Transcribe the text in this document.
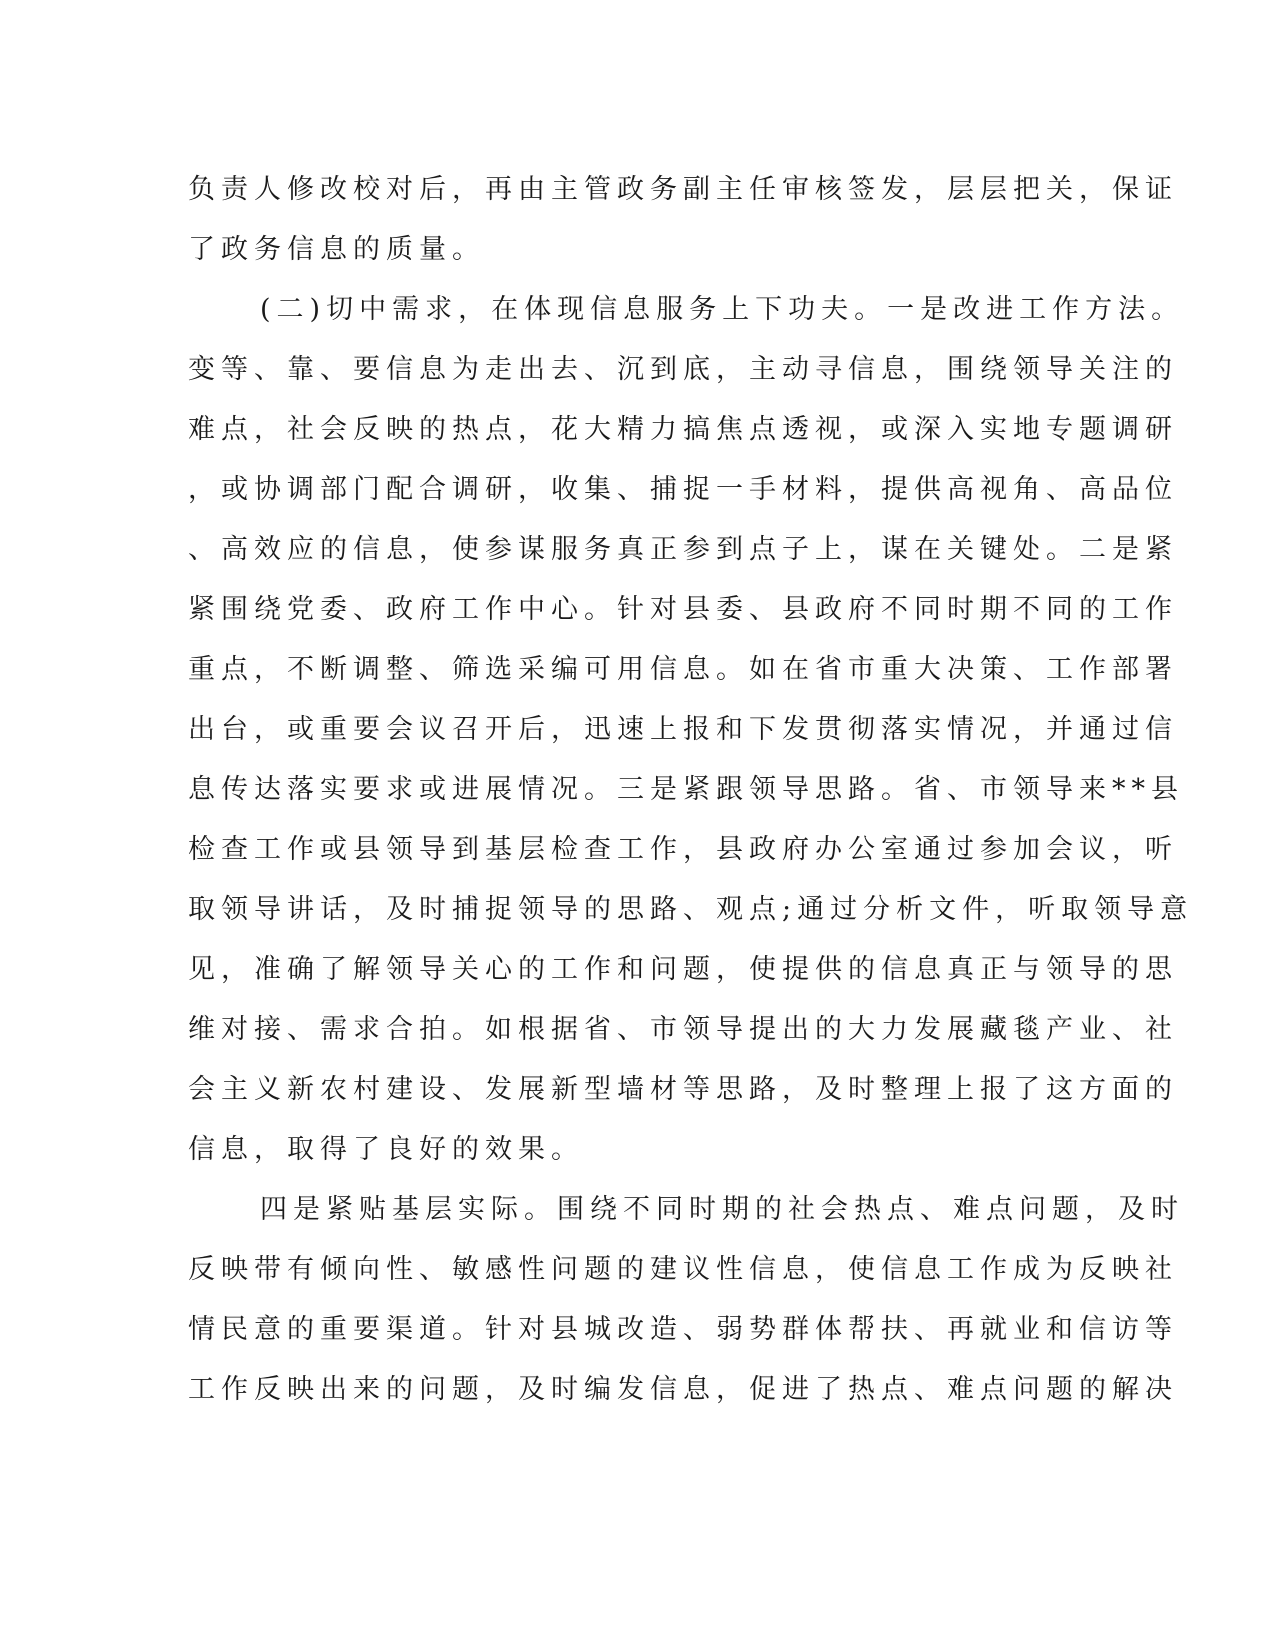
负责人修改校对后，再由主管政务副主任审核签发，层层把关，保证
了政务信息的质量。
(二)切中需求，在体现信息服务上下功夫。一是改进工作方法。
变等、靠、要信息为走出去、沉到底，主动寻信息，围绕领导关注的
难点，社会反映的热点，花大精力搞焦点透视，或深入实地专题调研
，或协调部门配合调研，收集、捕捉一手材料，提供高视角、高品位
、高效应的信息，使参谋服务真正参到点子上，谋在关键处。二是紧
紧围绕党委、政府工作中心。针对县委、县政府不同时期不同的工作
重点，不断调整、筛选采编可用信息。如在省市重大决策、工作部署
出台，或重要会议召开后，迅速上报和下发贯彻落实情况，并通过信
息传达落实要求或进展情况。三是紧跟领导思路。省、市领导来**县
检查工作或县领导到基层检查工作，县政府办公室通过参加会议，听
取领导讲话，及时捕捉领导的思路、观点;通过分析文件，听取领导意
见，准确了解领导关心的工作和问题，使提供的信息真正与领导的思
维对接、需求合拍。如根据省、市领导提出的大力发展藏毯产业、社
会主义新农村建设、发展新型墙材等思路，及时整理上报了这方面的
信息，取得了良好的效果。
四是紧贴基层实际。围绕不同时期的社会热点、难点问题，及时
反映带有倾向性、敏感性问题的建议性信息，使信息工作成为反映社
情民意的重要渠道。针对县城改造、弱势群体帮扶、再就业和信访等
工作反映出来的问题，及时编发信息，促进了热点、难点问题的解决
